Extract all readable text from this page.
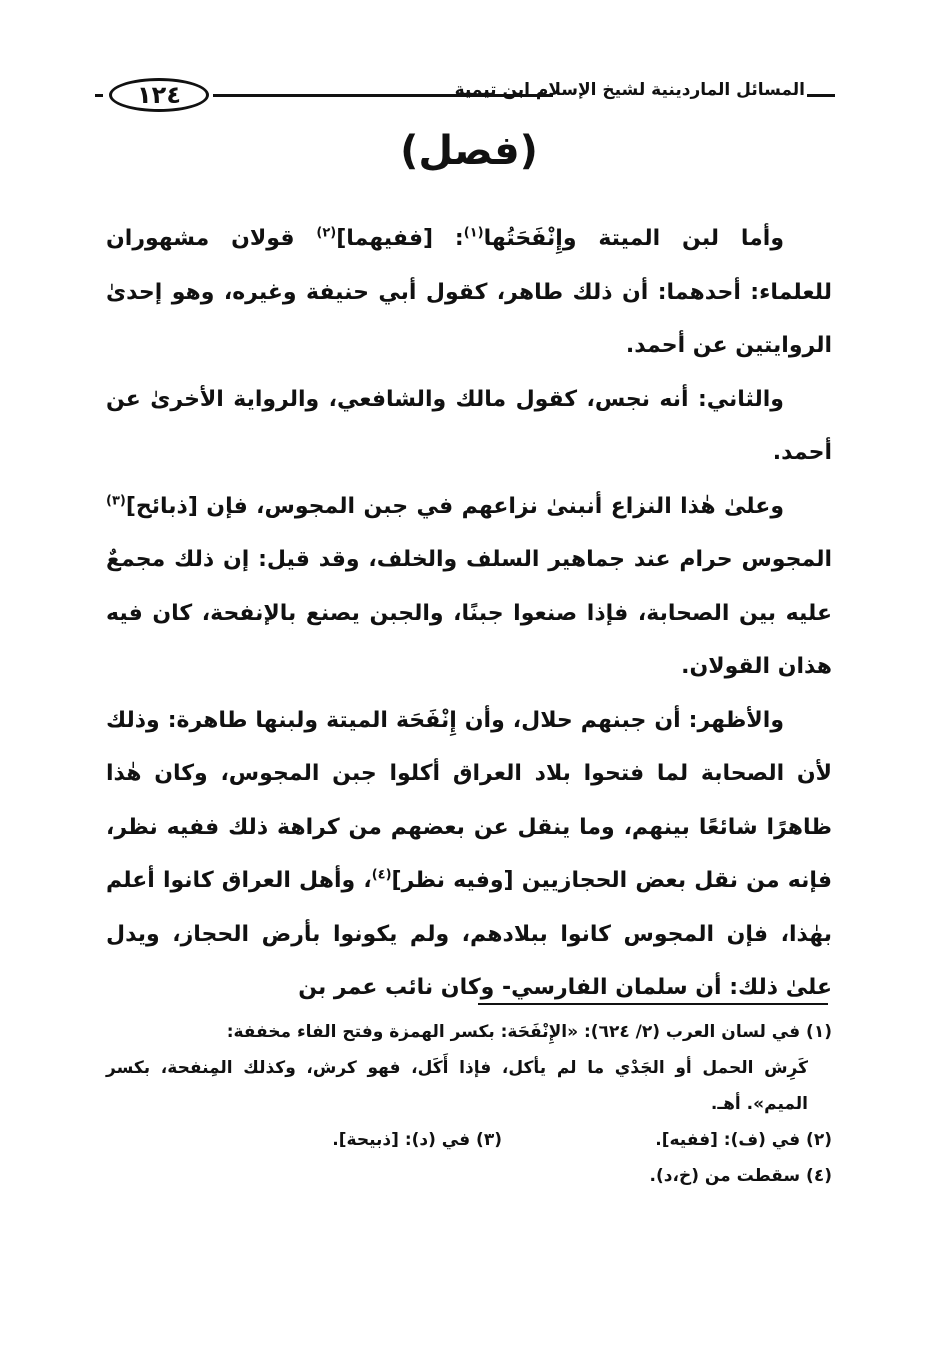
١٢٤	المسائل الماردينية لشيخ الإسلام ابن تيمية
(فصل)

وأما لبن الميتة وإِنْفَحَتُها$^{(١)}$: [ففيهما]$^{(٢)}$ قولان مشهوران للعلماء: أحدهما: أن ذلك طاهر، كقول أبي حنيفة وغيره، وهو إحدىٰ الروايتين عن أحمد.

والثاني: أنه نجس، كقول مالك والشافعي، والرواية الأخرىٰ عن أحمد.

وعلىٰ هٰذا النزاع أنبنىٰ نزاعهم في جبن المجوس، فإن [ذبائح]$^{(٣)}$ المجوس حرام عند جماهير السلف والخلف، وقد قيل: إن ذلك مجمعٌ عليه بين الصحابة، فإذا صنعوا جبنًا، والجبن يصنع بالإنفحة، كان فيه هذان القولان.

والأظهر: أن جبنهم حلال، وأن إِنْفَحَة الميتة ولبنها طاهرة: وذلك لأن الصحابة لما فتحوا بلاد العراق أكلوا جبن المجوس، وكان هٰذا ظاهرًا شائعًا بينهم، وما ينقل عن بعضهم من كراهة ذلك ففيه نظر، فإنه من نقل بعض الحجازيين [وفيه نظر]$^{(٤)}$، وأهل العراق كانوا أعلم بهٰذا، فإن المجوس كانوا ببلادهم، ولم يكونوا بأرض الحجاز، ويدل علىٰ ذلك: أن سلمان الفارسي- وكان نائب عمر بن

(١) في لسان العرب (٢/ ٦٢٤): «الإِنْفَحَة: بكسر الهمزة وفتح الفاء مخففة:

كَرِش الحمل أو الجَدْي ما لم يأكل، فإذا أَكَل، فهو كرش، وكذلك المِنفحة، بكسر الميم». أهـ.

(٢) في (ف): [ففيه].
(٣) في (د): [ذبيحة].

(٤) سقطت من (خ،د).
